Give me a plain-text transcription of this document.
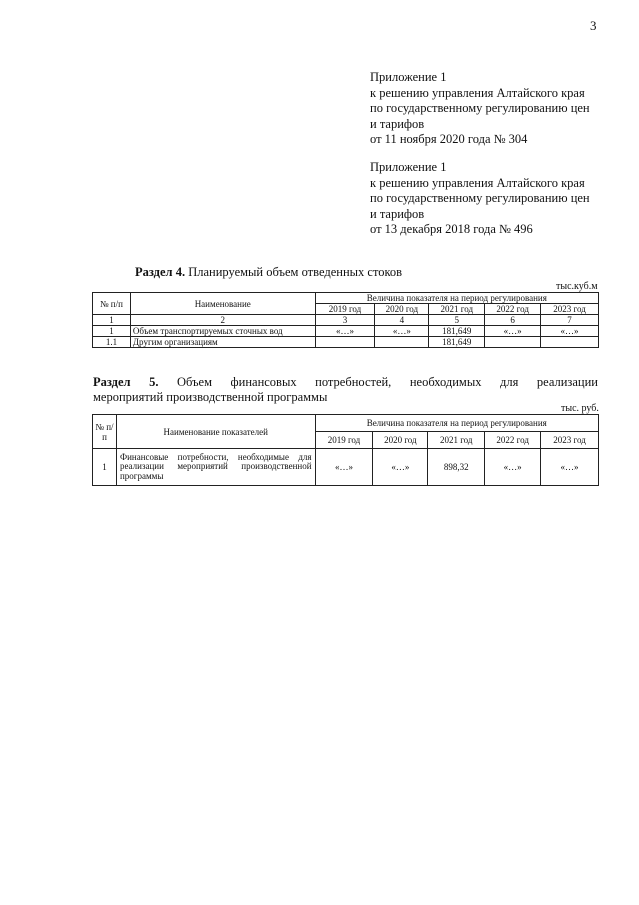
3
Приложение 1
к решению управления Алтайского края
по государственному регулированию цен
и тарифов
от 11 ноября 2020 года № 304
Приложение 1
к решению управления Алтайского края
по государственному регулированию цен
и тарифов
от 13 декабря 2018 года № 496
Раздел 4. Планируемый объем отведенных стоков
тыс.куб.м
№ п/п	Наименование	Величина показателя на период регулирования				
		2019 год	2020 год	2021 год	2022 год	2023 год
1	2	3	4	5	6	7
1	Объем транспортируемых сточных вод	«…»	«…»	181,649	«…»	«…»
1.1	Другим организациям			181,649		
Раздел 5. Объем финансовых потребностей, необходимых для реализации
мероприятий производственной программы
тыс. руб.
№ п/ п	Наименование показателей	Величина показателя на период регулирования				
		2019 год	2020 год	2021 год	2022 год	2023 год
1	Финансовые потребности, необходимые для реализации мероприятий производственной программы	«…»	«…»	898,32	«…»	«…»
